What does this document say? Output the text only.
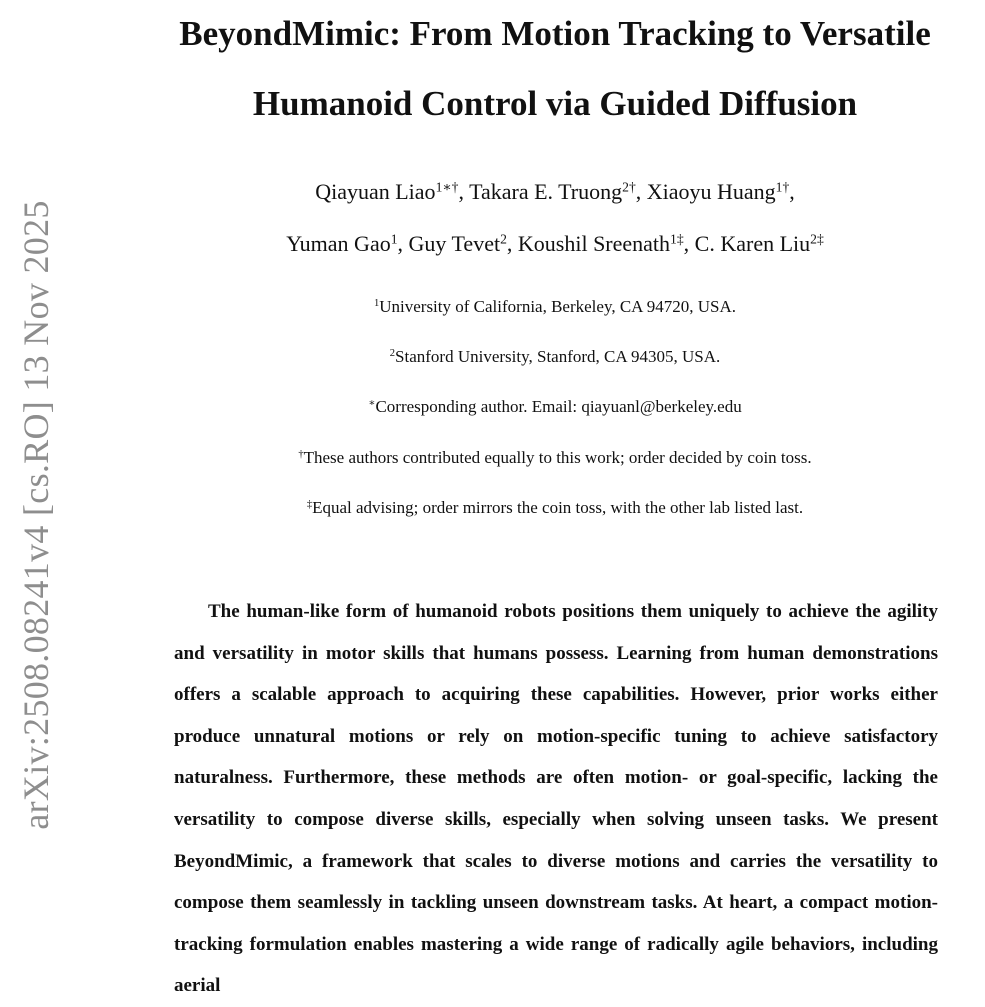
arXiv:2508.08241v4 [cs.RO] 13 Nov 2025
BeyondMimic: From Motion Tracking to Versatile
Humanoid Control via Guided Diffusion
Qiayuan Liao$^{1∗\dagger}$, Takara E. Truong$^{2\dagger}$, Xiaoyu Huang$^{1\dagger}$,
Yuman Gao$^1$, Guy Tevet$^2$, Koushil Sreenath$^{1\ddagger}$, C. Karen Liu$^{2\ddagger}$
$^1$University of California, Berkeley, CA 94720, USA.
$^2$Stanford University, Stanford, CA 94305, USA.
∗Corresponding author. Email: qiayuanl@berkeley.edu
†These authors contributed equally to this work; order decided by coin toss.
‡Equal advising; order mirrors the coin toss, with the other lab listed last.

The human-like form of humanoid robots positions them uniquely to achieve the agility and versatility in motor skills that humans possess. Learning from human demonstrations offers a scalable approach to acquiring these capabilities. However, prior works either produce unnatural motions or rely on motion-specific tuning to achieve satisfactory naturalness. Furthermore, these methods are often motion- or goal-specific, lacking the versatility to compose diverse skills, especially when solving unseen tasks. We present BeyondMimic, a framework that scales to diverse motions and carries the versatility to compose them seamlessly in tackling unseen downstream tasks. At heart, a compact motion-tracking formulation enables mastering a wide range of radically agile behaviors, including aerial
